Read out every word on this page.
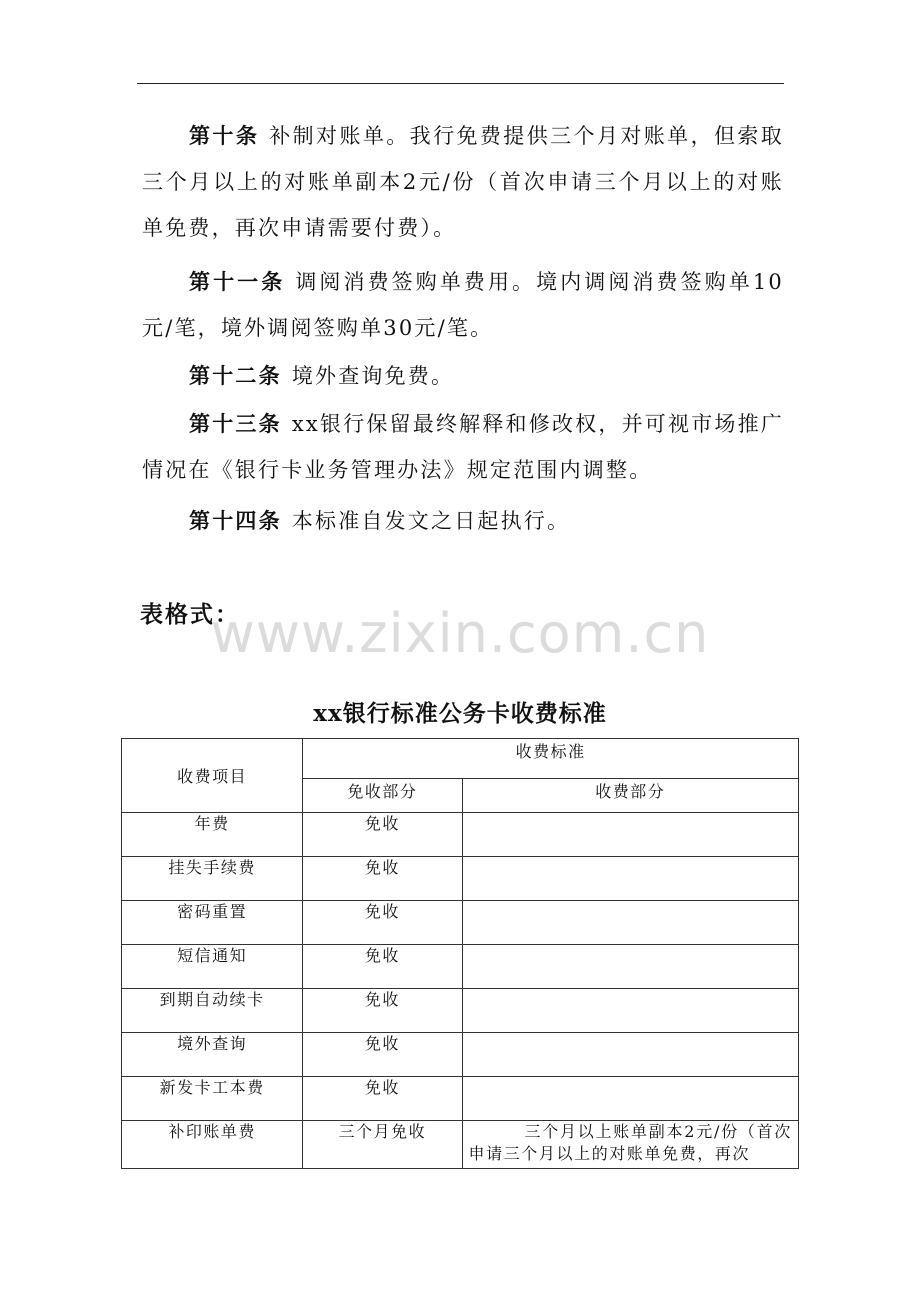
第十条 补制对账单。我行免费提供三个月对账单，但索取三个月以上的对账单副本2元/份（首次申请三个月以上的对账单免费，再次申请需要付费）。

第十一条 调阅消费签购单费用。境内调阅消费签购单10元/笔，境外调阅签购单30元/笔。

第十二条 境外查询免费。

第十三条 xx银行保留最终解释和修改权，并可视市场推广情况在《银行卡业务管理办法》规定范围内调整。

第十四条 本标准自发文之日起执行。

表格式：

www.zixin.com.cn

xx银行标准公务卡收费标准

收费项目	收费标准	
	免收部分	收费部分
年费	免收	
挂失手续费	免收	
密码重置	免收	
短信通知	免收	
到期自动续卡	免收	
境外查询	免收	
新发卡工本费	免收	
补印账单费	三个月免收	三个月以上账单副本2元/份（首次申请三个月以上的对账单免费，再次
